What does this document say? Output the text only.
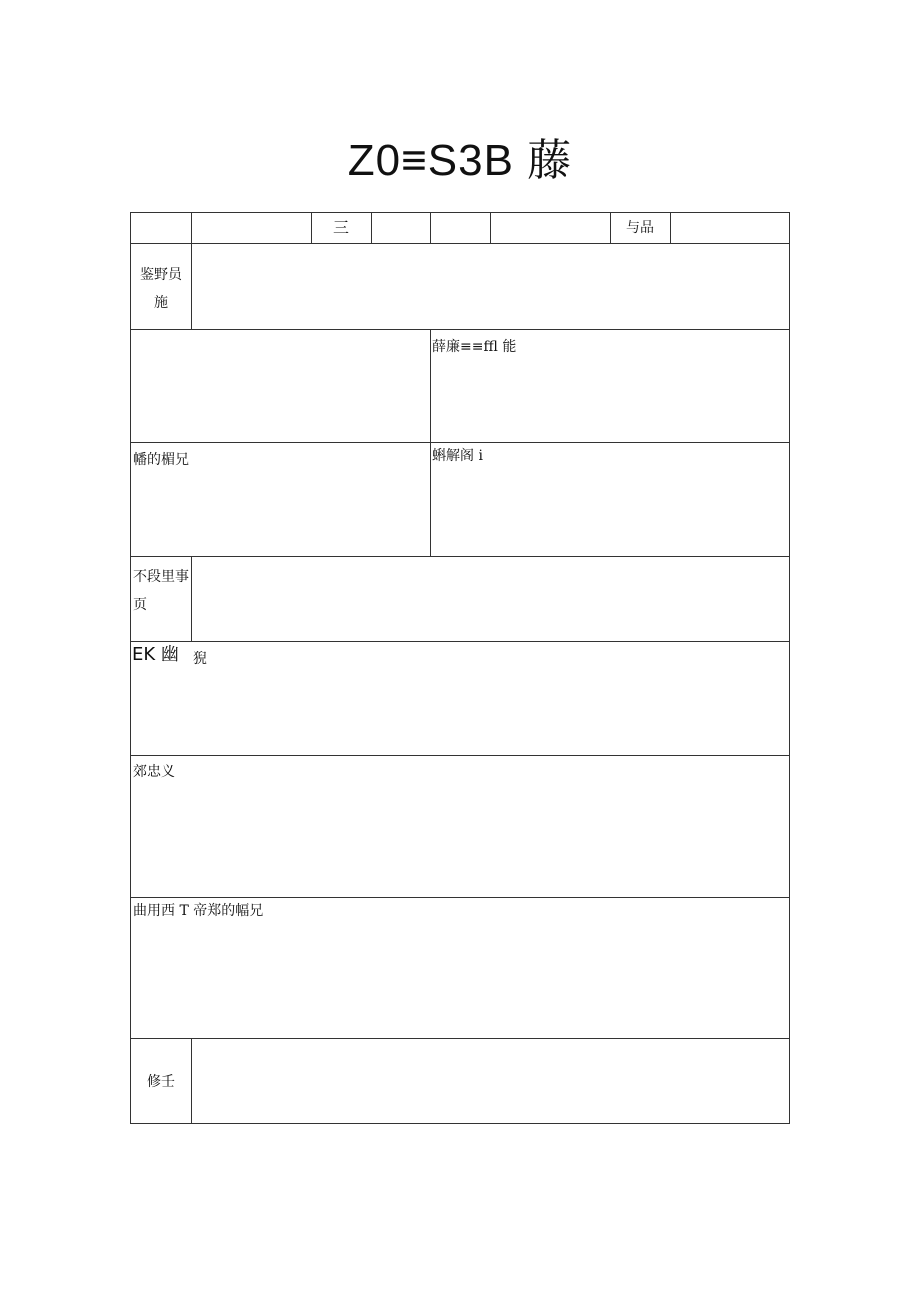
Z0≡S3B 藤
三	与品
鉴野员施
薛廉≡≡ffl 能
幡的楣兄	蝌解阁 i
不段里事页
EK 幽 猊
郊忠义
曲用西 T 帝郑的幅兄
修壬
